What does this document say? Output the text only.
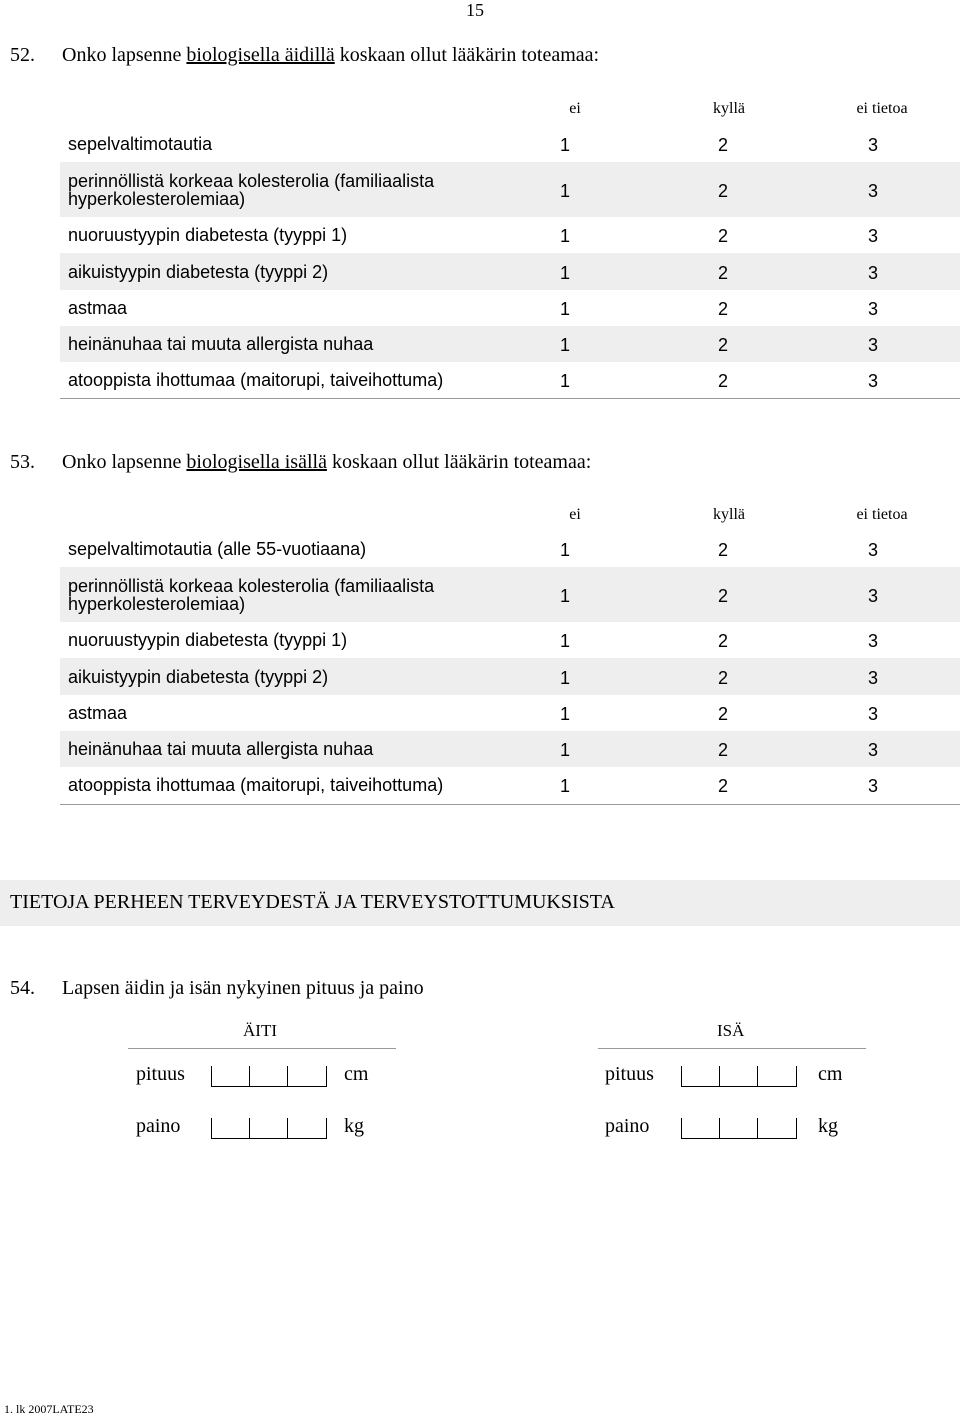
15
52. Onko lapsenne biologisella äidillä koskaan ollut lääkärin toteamaa:
ei	kyllä	ei tietoa
sepelvaltimotautia	1	2	3
perinnöllistä korkeaa kolesterolia (familiaalista
hyperkolesterolemiaa)	1	2	3
nuoruustyypin diabetesta (tyyppi 1)	1	2	3
aikuistyypin diabetesta (tyyppi 2)	1	2	3
astmaa	1	2	3
heinänuhaa tai muuta allergista nuhaa	1	2	3
atooppista ihottumaa (maitorupi, taiveihottuma)	1	2	3
53. Onko lapsenne biologisella isällä koskaan ollut lääkärin toteamaa:
ei	kyllä	ei tietoa
sepelvaltimotautia (alle 55-vuotiaana)	1	2	3
perinnöllistä korkeaa kolesterolia (familiaalista
hyperkolesterolemiaa)	1	2	3
nuoruustyypin diabetesta (tyyppi 1)	1	2	3
aikuistyypin diabetesta (tyyppi 2)	1	2	3
astmaa	1	2	3
heinänuhaa tai muuta allergista nuhaa	1	2	3
atooppista ihottumaa (maitorupi, taiveihottuma)	1	2	3
TIETOJA PERHEEN TERVEYDESTÄ JA TERVEYSTOTTUMUKSISTA
54. Lapsen äidin ja isän nykyinen pituus ja paino
ÄITI	ISÄ
pituus	cm
paino	kg
pituus	cm
paino	kg
1. lk 2007LATE23
